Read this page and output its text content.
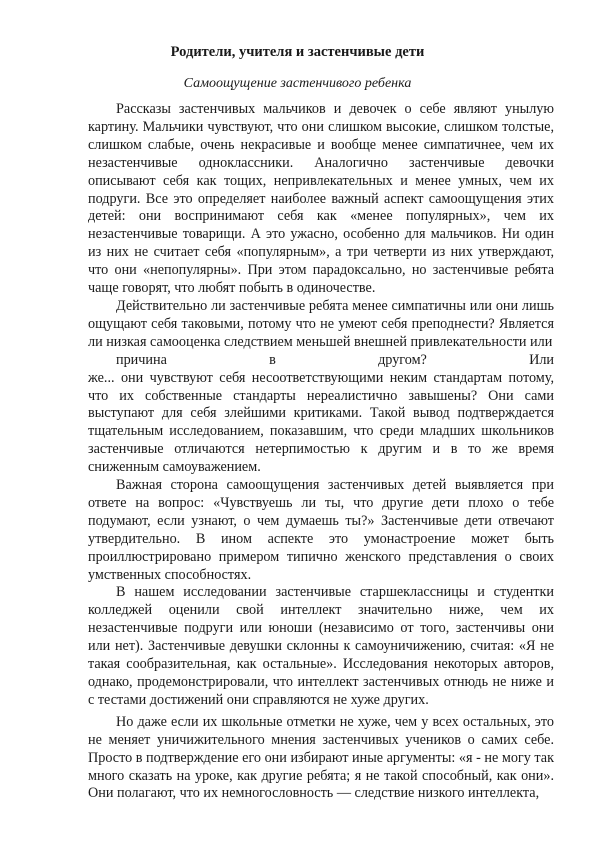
Родители, учителя и застенчивые дети
Самоощущение застенчивого ребенка

Рассказы застенчивых мальчиков и девочек о себе являют унылую картину. Мальчики чувствуют, что они слишком высокие, слишком толстые, слишком слабые, очень некрасивые и вообще менее симпатичнее, чем их незастенчивые одноклассники. Аналогично застенчивые девочки описывают себя как тощих, непривлекательных и менее умных, чем их подруги. Все это определяет наиболее важный аспект самоощущения этих детей: они воспринимают себя как «менее популярных», чем их незастенчивые товарищи. А это ужасно, особенно для мальчиков. Ни один из них не считает себя «популярным», а три четверти из них утверждают, что они «непопулярны». При этом парадоксально, но застенчивые ребята чаще говорят, что любят побыть в одиночестве.

Действительно ли застенчивые ребята менее симпатичны или они лишь ощущают себя таковыми, потому что не умеют себя преподнести? Является ли низкая самооценка следствием меньшей внешней привлекательности или
причина в другом? Или
же... они чувствуют себя несоответствующими неким стандартам потому, что их собственные стандарты нереалистично завышены? Они сами выступают для себя злейшими критиками. Такой вывод подтверждается тщательным исследованием, показавшим, что среди младших школьников застенчивые отличаются нетерпимостью к другим и в то же время сниженным самоуважением.

Важная сторона самоощущения застенчивых детей выявляется при ответе на вопрос: «Чувствуешь ли ты, что другие дети плохо о тебе подумают, если узнают, о чем думаешь ты?» Застенчивые дети отвечают утвердительно. В ином аспекте это умонастроение может быть проиллюстрировано примером типично женского представления о своих умственных способностях.

В нашем исследовании застенчивые старшеклассницы и студентки колледжей оценили свой интеллект значительно ниже, чем их незастенчивые подруги или юноши (независимо от того, застенчивы они или нет). Застенчивые девушки склонны к самоуничижению, считая: «Я не такая сообразительная, как остальные». Исследования некоторых авторов, однако, продемонстрировали, что интеллект застенчивых отнюдь не ниже и с тестами достижений они справляются не хуже других.

Но даже если их школьные отметки не хуже, чем у всех остальных, это не меняет уничижительного мнения застенчивых учеников о самих себе. Просто в подтверждение его они избирают иные аргументы: «я - не могу так много сказать на уроке, как другие ребята; я не такой способный, как они». Они полагают, что их немногословность — следствие низкого интеллекта,
